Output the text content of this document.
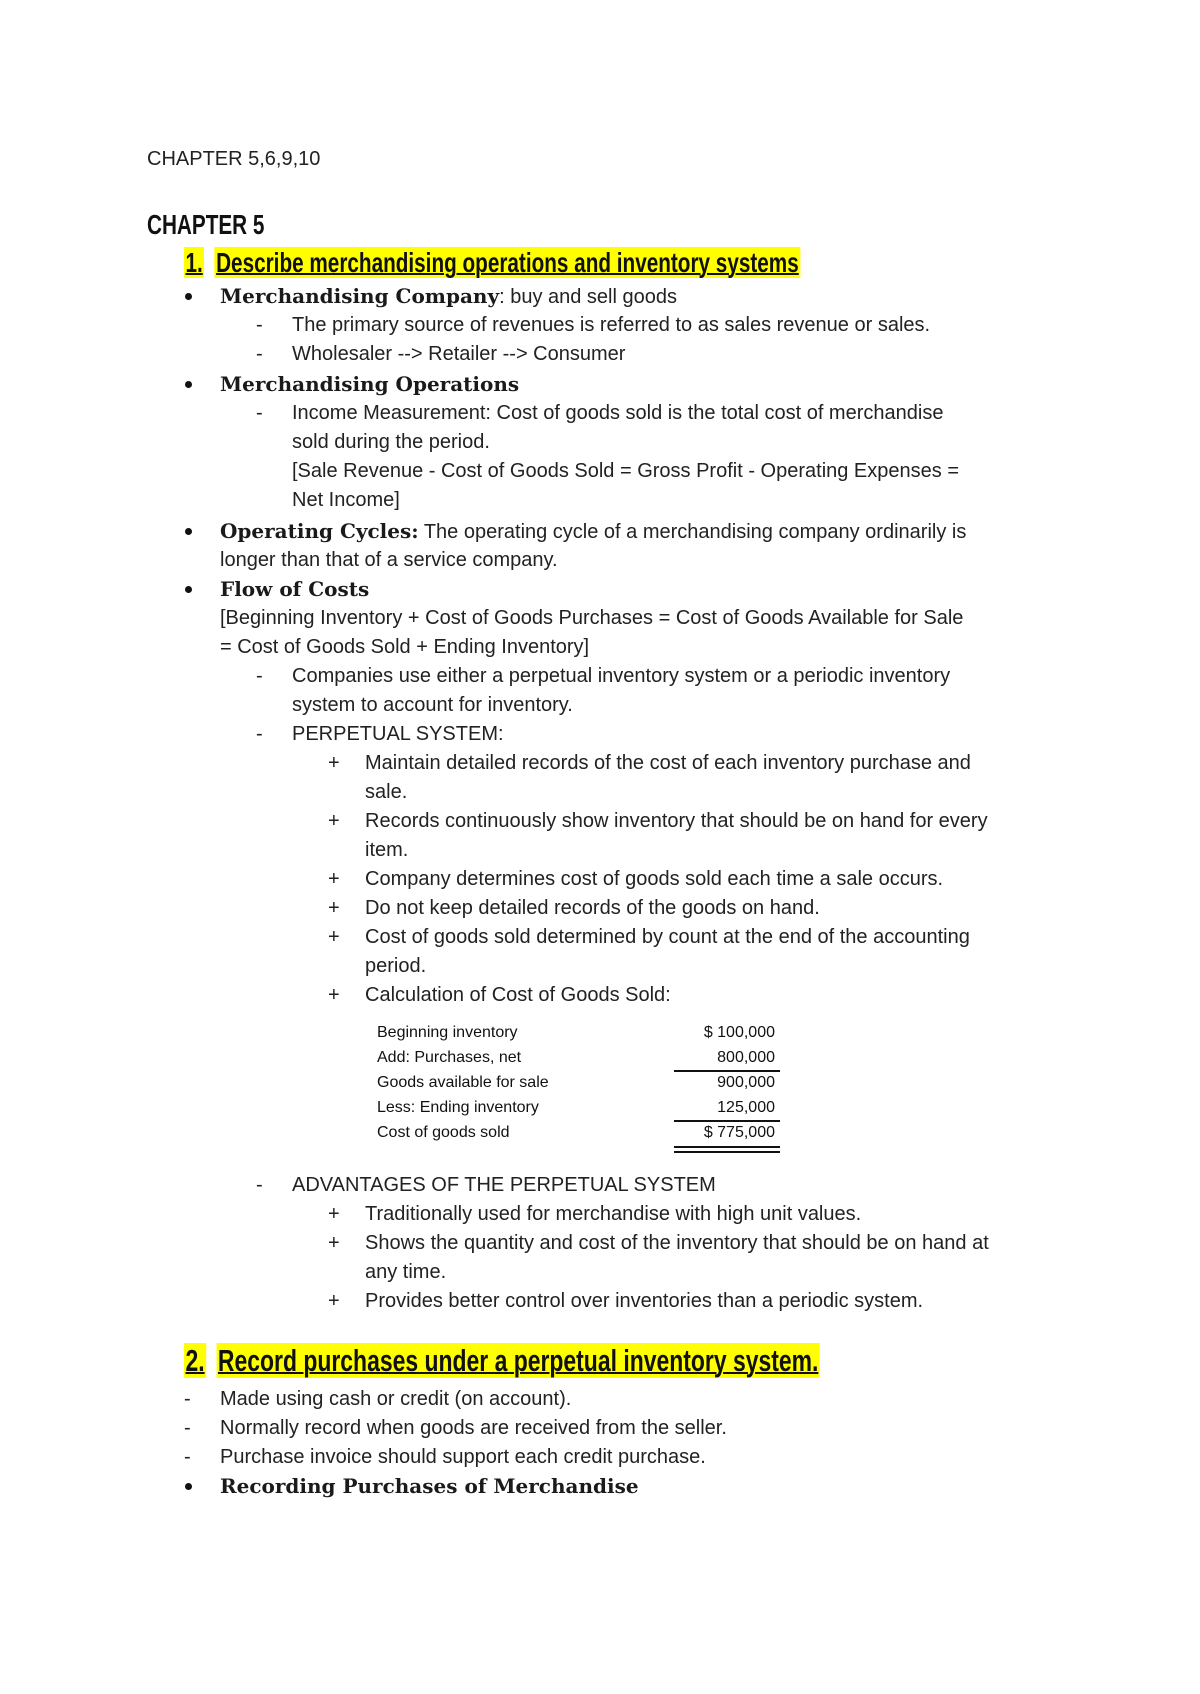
CHAPTER 5,6,9,10
CHAPTER 5
1. Describe merchandising operations and inventory systems
Merchandising Company: buy and sell goods
- The primary source of revenues is referred to as sales revenue or sales.
- Wholesaler --> Retailer --> Consumer
Merchandising Operations
- Income Measurement: Cost of goods sold is the total cost of merchandise
sold during the period.
[Sale Revenue - Cost of Goods Sold = Gross Profit - Operating Expenses =
Net Income]
Operating Cycles: The operating cycle of a merchandising company ordinarily is
longer than that of a service company.
Flow of Costs
[Beginning Inventory + Cost of Goods Purchases = Cost of Goods Available for Sale
= Cost of Goods Sold + Ending Inventory]
- Companies use either a perpetual inventory system or a periodic inventory
system to account for inventory.
- PERPETUAL SYSTEM:
+ Maintain detailed records of the cost of each inventory purchase and
sale.
+ Records continuously show inventory that should be on hand for every
item.
+ Company determines cost of goods sold each time a sale occurs.
+ Do not keep detailed records of the goods on hand.
+ Cost of goods sold determined by count at the end of the accounting
period.
+ Calculation of Cost of Goods Sold:
Beginning inventory	$ 100,000
Add: Purchases, net	800,000
Goods available for sale	900,000
Less: Ending inventory	125,000
Cost of goods sold	$ 775,000
- ADVANTAGES OF THE PERPETUAL SYSTEM
+ Traditionally used for merchandise with high unit values.
+ Shows the quantity and cost of the inventory that should be on hand at
any time.
+ Provides better control over inventories than a periodic system.
2. Record purchases under a perpetual inventory system.
- Made using cash or credit (on account).
- Normally record when goods are received from the seller.
- Purchase invoice should support each credit purchase.
Recording Purchases of Merchandise
